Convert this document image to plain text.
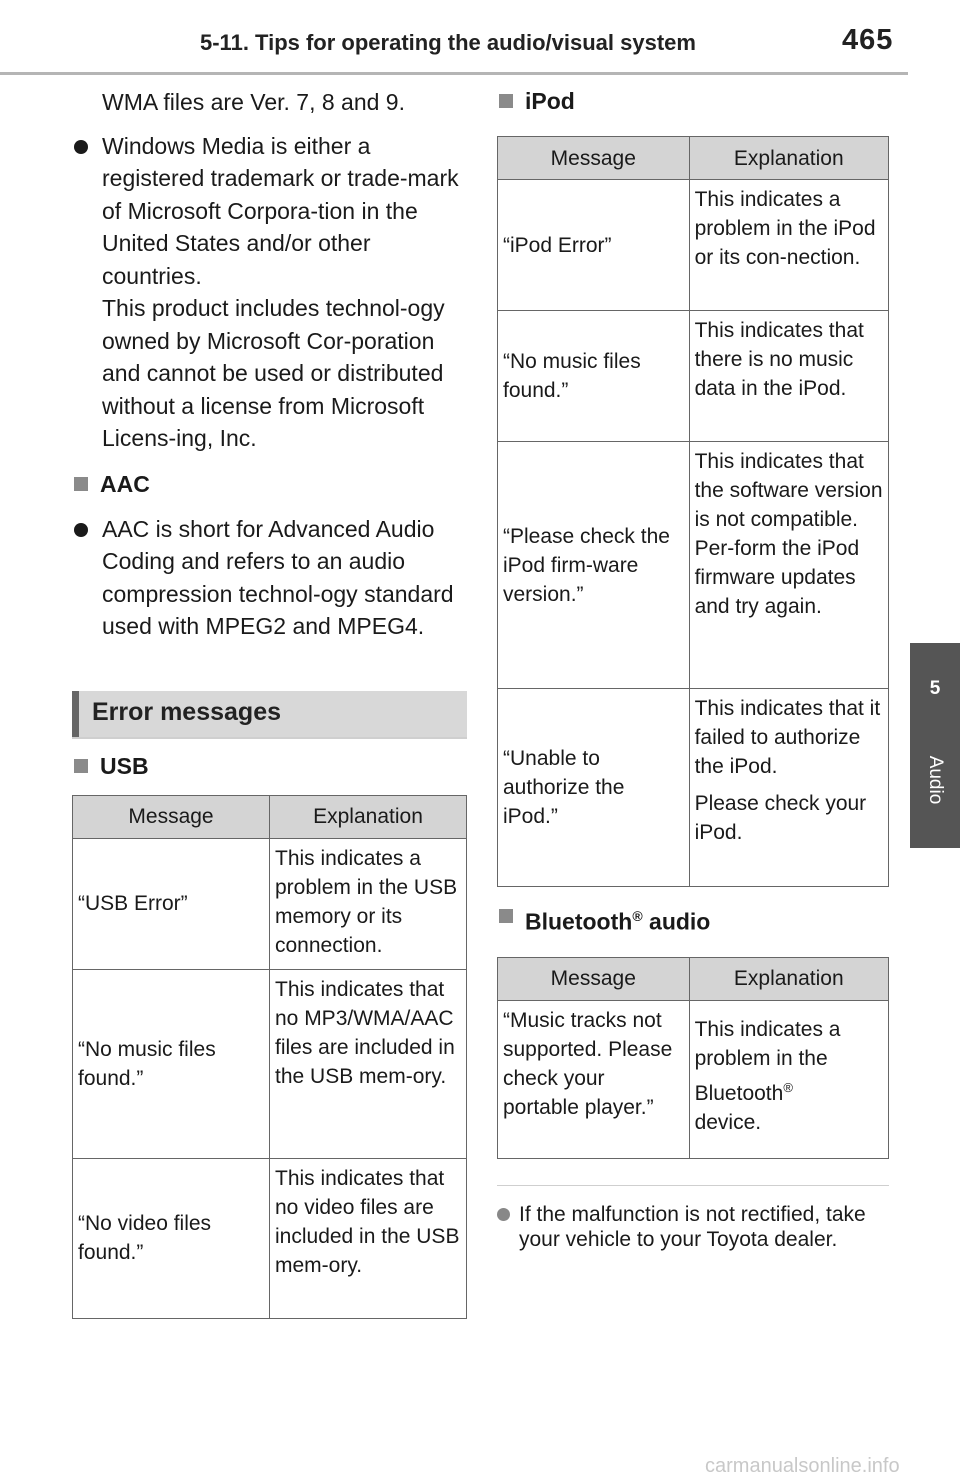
5-11. Tips for operating the audio/visual system	465
5
Audio

WMA files are Ver. 7, 8 and 9.

Windows Media is either a registered trademark or trade-mark of Microsoft Corpora-tion in the United States and/or other countries.
This product includes technol-ogy owned by Microsoft Cor-poration and cannot be used or distributed without a license from Microsoft Licens-ing, Inc.
AAC
AAC is short for Advanced Audio Coding and refers to an audio compression technol-ogy standard used with MPEG2 and MPEG4.
Error messages
USB
Message	Explanation
“USB Error”	This indicates a problem in the USB memory or its connection.
“No music files found.”	This indicates that no MP3/WMA/AAC files are included in the USB mem-ory.
“No video files found.”	This indicates that no video files are included in the USB mem-ory.
iPod
Message	Explanation
“iPod Error”	This indicates a problem in the iPod or its con-nection.
“No music files found.”	This indicates that there is no music data in the iPod.
“Please check the iPod firm-ware version.”	This indicates that the software version is not compatible. Per-form the iPod firmware updates and try again.
“Unable to authorize the iPod.”	This indicates that it failed to authorize the iPod.
Please check your iPod.
Bluetooth® audio
Message	Explanation
“Music tracks not supported. Please check your portable player.”	This indicates a problem in the Bluetooth®
device.
If the malfunction is not rectified, take your vehicle to your Toyota dealer.
carmanualsonline.info
